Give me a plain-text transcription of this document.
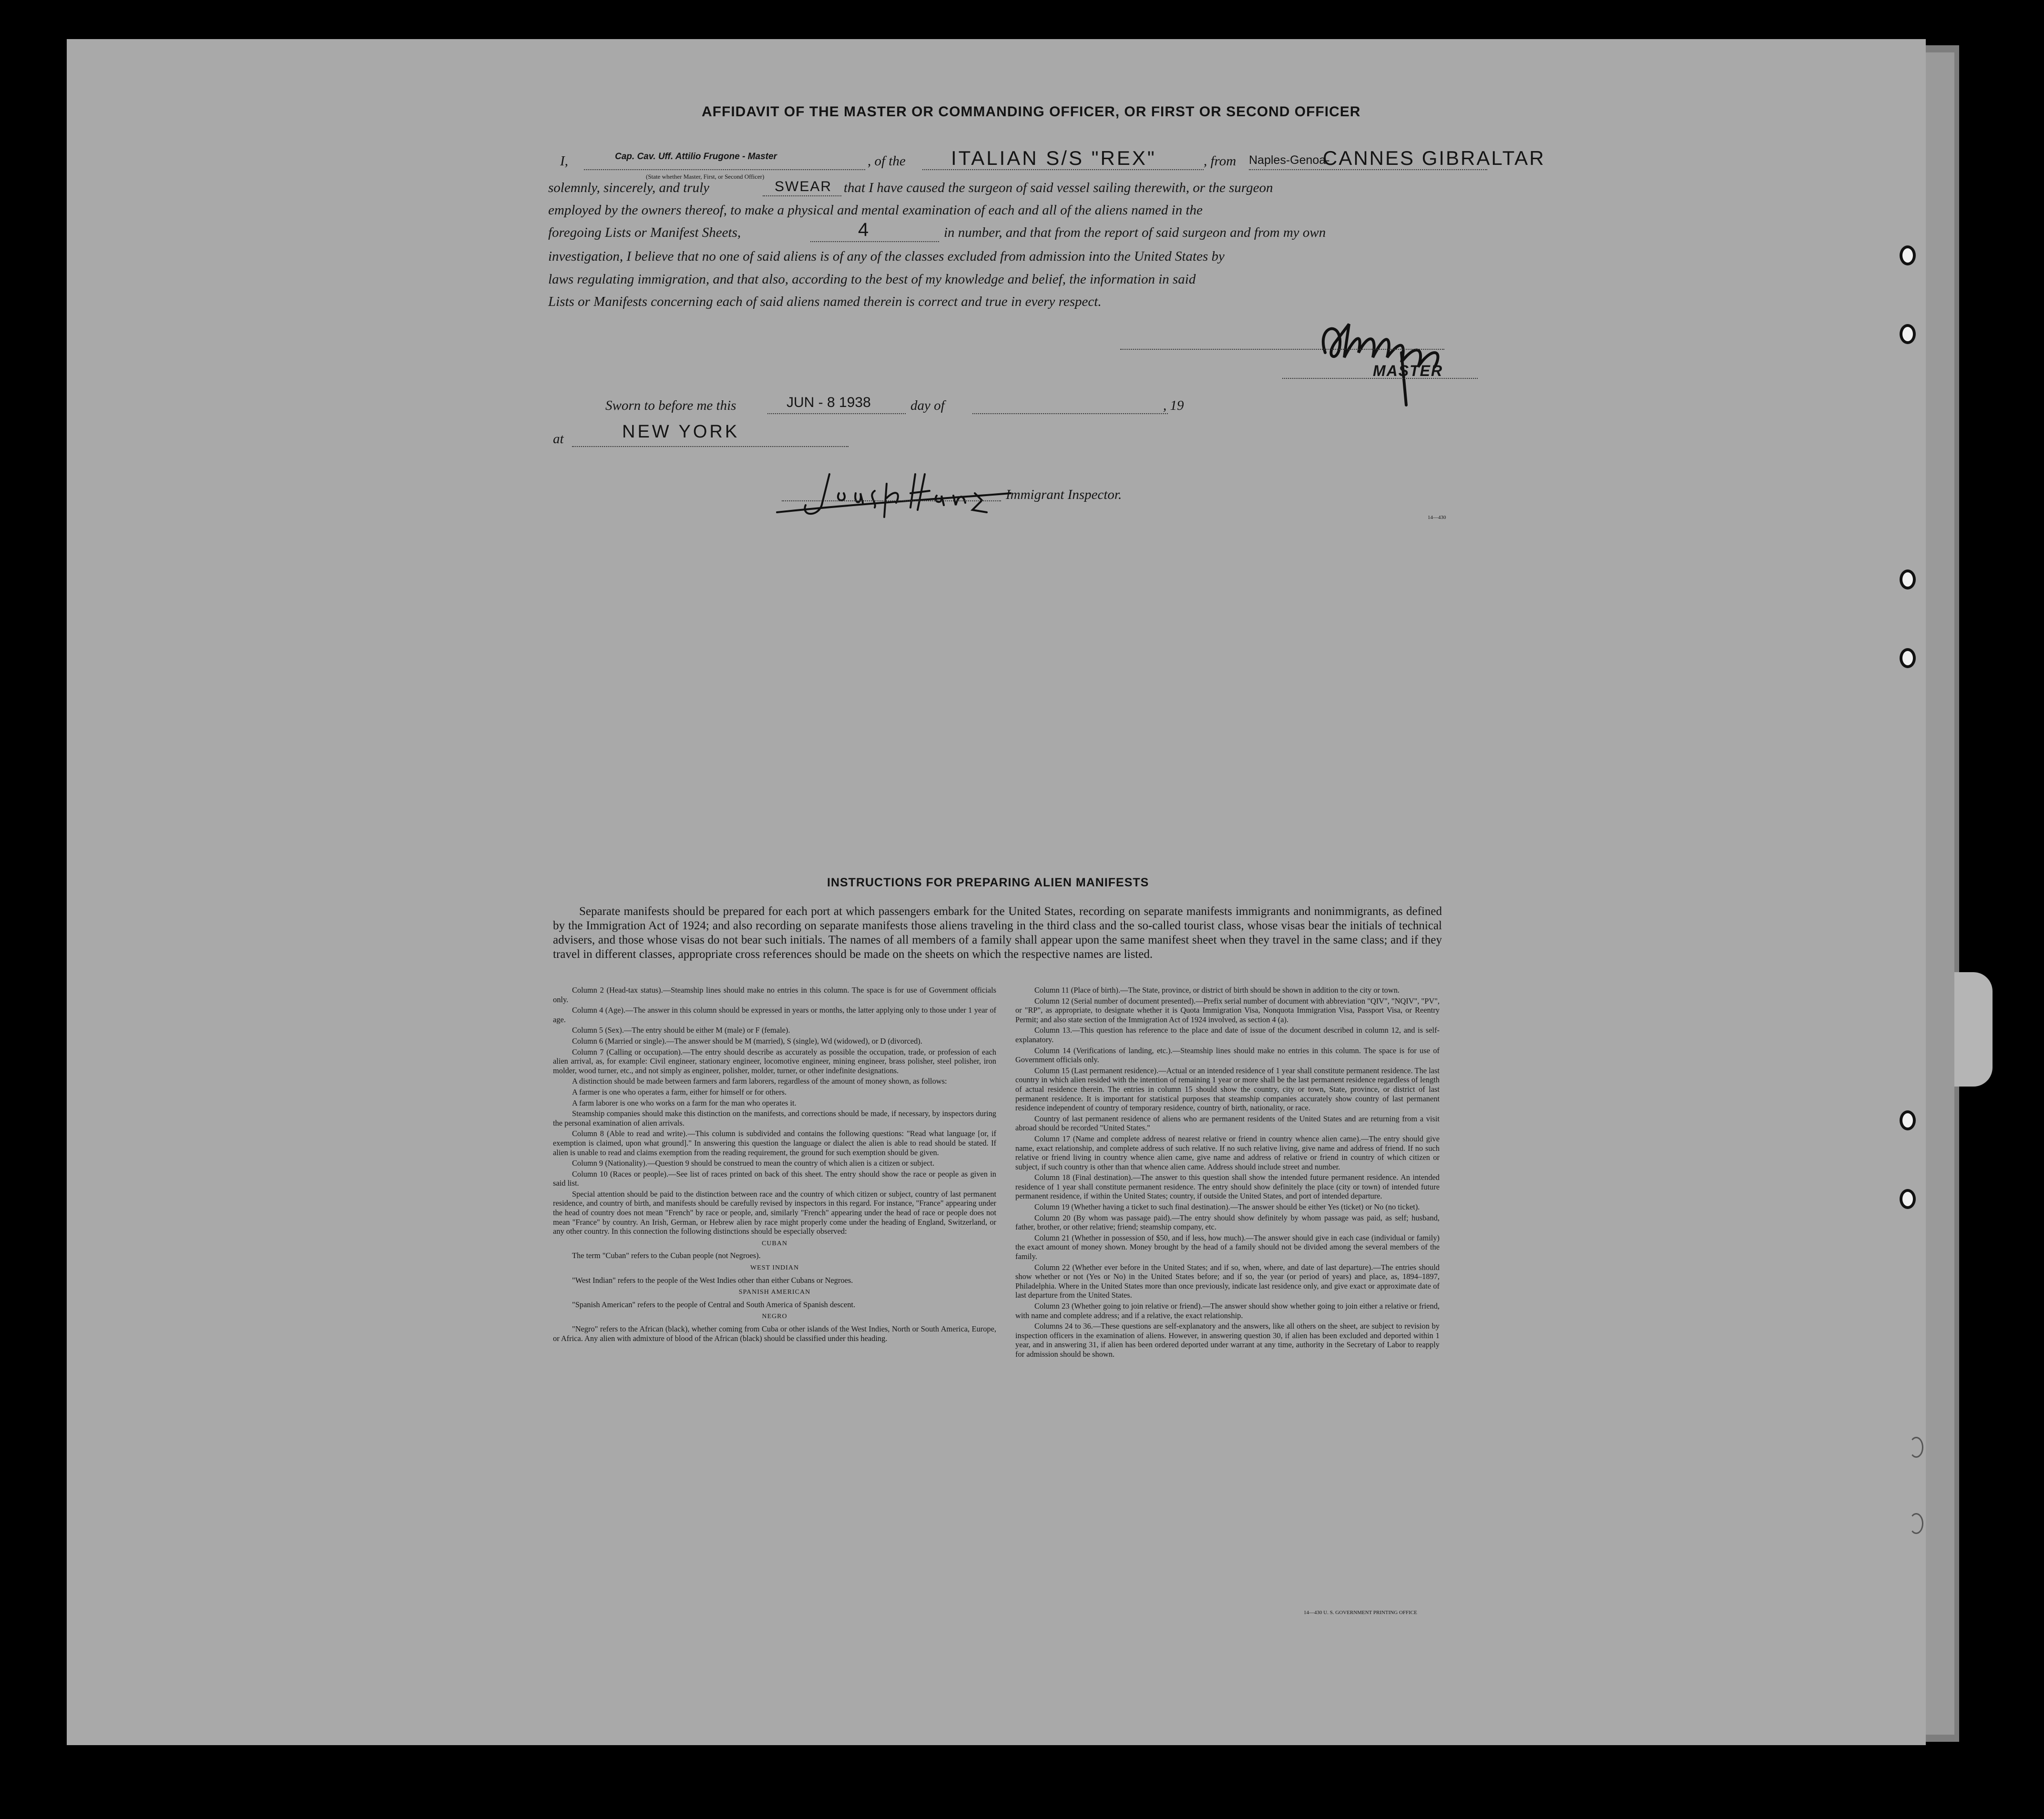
AFFIDAVIT OF THE MASTER OR COMMANDING OFFICER, OR FIRST OR SECOND OFFICER
I,	Cap. Cav. Uff. Attilio Frugone - Master
(State whether Master, First, or Second Officer)
, of the ITALIAN S/S "REX"	, from Naples-Genoa-
CANNES GIBRALTAR
solemnly, sincerely, and truly	SWEAR that I have caused the surgeon of said vessel sailing therewith, or the surgeon
employed by the owners thereof, to make a physical and mental examination of each and all of the aliens named in the
foregoing Lists or Manifest Sheets,	4	in number, and that from the report of said surgeon and from my own
investigation, I believe that no one of said aliens is of any of the classes excluded from admission into the United States by
laws regulating immigration, and that also, according to the best of my knowledge and belief, the information in said
Lists or Manifests concerning each of said aliens named therein is correct and true in every respect.
MASTER
Sworn to before me this	JUN - 8 1938	day of	, 19
at	NEW YORK
Immigrant Inspector.
14—430
INSTRUCTIONS FOR PREPARING ALIEN MANIFESTS
Separate manifests should be prepared for each port at which passengers embark for the United States, recording on separate manifests immigrants and nonimmigrants, as defined by the Immigration Act of 1924; and also recording on separate manifests those aliens traveling in the third class and the so-called tourist class, whose visas bear the initials of technical advisers, and those whose visas do not bear such initials. The names of all members of a family shall appear upon the same manifest sheet when they travel in the same class; and if they travel in different classes, appropriate cross references should be made on the sheets on which the respective names are listed.

Column 2 (Head-tax status).—Steamship lines should make no entries in this column. The space is for use of Government officials only.

Column 4 (Age).—The answer in this column should be expressed in years or months, the latter applying only to those under 1 year of age.

Column 5 (Sex).—The entry should be either M (male) or F (female).

Column 6 (Married or single).—The answer should be M (married), S (single), Wd (widowed), or D (divorced).

Column 7 (Calling or occupation).—The entry should describe as accurately as possible the occupation, trade, or profession of each alien arrival, as, for example: Civil engineer, stationary engineer, locomotive engineer, mining engineer, brass polisher, steel polisher, iron molder, wood turner, etc., and not simply as engineer, polisher, molder, turner, or other indefinite designations.

A distinction should be made between farmers and farm laborers, regardless of the amount of money shown, as follows:

A farmer is one who operates a farm, either for himself or for others.

A farm laborer is one who works on a farm for the man who operates it.

Steamship companies should make this distinction on the manifests, and corrections should be made, if necessary, by inspectors during the personal examination of alien arrivals.

Column 8 (Able to read and write).—This column is subdivided and contains the following questions: "Read what language [or, if exemption is claimed, upon what ground]." In answering this question the language or dialect the alien is able to read should be stated. If alien is unable to read and claims exemption from the reading requirement, the ground for such exemption should be given.

Column 9 (Nationality).—Question 9 should be construed to mean the country of which alien is a citizen or subject.

Column 10 (Races or people).—See list of races printed on back of this sheet. The entry should show the race or people as given in said list.

Special attention should be paid to the distinction between race and the country of which citizen or subject, country of last permanent residence, and country of birth, and manifests should be carefully revised by inspectors in this regard. For instance, "France" appearing under the head of country does not mean "French" by race or people, and, similarly "French" appearing under the head of race or people does not mean "France" by country. An Irish, German, or Hebrew alien by race might properly come under the heading of England, Switzerland, or any other country. In this connection the following distinctions should be especially observed:

CUBAN

The term "Cuban" refers to the Cuban people (not Negroes).

WEST INDIAN

"West Indian" refers to the people of the West Indies other than either Cubans or Negroes.

SPANISH AMERICAN

"Spanish American" refers to the people of Central and South America of Spanish descent.

NEGRO

"Negro" refers to the African (black), whether coming from Cuba or other islands of the West Indies, North or South America, Europe, or Africa. Any alien with admixture of blood of the African (black) should be classified under this heading.

Column 11 (Place of birth).—The State, province, or district of birth should be shown in addition to the city or town.

Column 12 (Serial number of document presented).—Prefix serial number of document with abbreviation "QIV", "NQIV", "PV", or "RP", as appropriate, to designate whether it is Quota Immigration Visa, Nonquota Immigration Visa, Passport Visa, or Reentry Permit; and also state section of the Immigration Act of 1924 involved, as section 4 (a).

Column 13.—This question has reference to the place and date of issue of the document described in column 12, and is self-explanatory.

Column 14 (Verifications of landing, etc.).—Steamship lines should make no entries in this column. The space is for use of Government officials only.

Column 15 (Last permanent residence).—Actual or an intended residence of 1 year shall constitute permanent residence. The last country in which alien resided with the intention of remaining 1 year or more shall be the last permanent residence regardless of length of actual residence therein. The entries in column 15 should show the country, city or town, State, province, or district of last permanent residence. It is important for statistical purposes that steamship companies accurately show country of last permanent residence independent of country of temporary residence, country of birth, nationality, or race.

Country of last permanent residence of aliens who are permanent residents of the United States and are returning from a visit abroad should be recorded "United States."

Column 17 (Name and complete address of nearest relative or friend in country whence alien came).—The entry should give name, exact relationship, and complete address of such relative. If no such relative living, give name and address of friend. If no such relative or friend living in country whence alien came, give name and address of relative or friend in country of which citizen or subject, if such country is other than that whence alien came. Address should include street and number.

Column 18 (Final destination).—The answer to this question shall show the intended future permanent residence. An intended residence of 1 year shall constitute permanent residence. The entry should show definitely the place (city or town) of intended future permanent residence, if within the United States; country, if outside the United States, and port of intended departure.

Column 19 (Whether having a ticket to such final destination).—The answer should be either Yes (ticket) or No (no ticket).

Column 20 (By whom was passage paid).—The entry should show definitely by whom passage was paid, as self; husband, father, brother, or other relative; friend; steamship company, etc.

Column 21 (Whether in possession of $50, and if less, how much).—The answer should give in each case (individual or family) the exact amount of money shown. Money brought by the head of a family should not be divided among the several members of the family.

Column 22 (Whether ever before in the United States; and if so, when, where, and date of last departure).—The entries should show whether or not (Yes or No) in the United States before; and if so, the year (or period of years) and place, as, 1894–1897, Philadelphia. Where in the United States more than once previously, indicate last residence only, and give exact or approximate date of last departure from the United States.

Column 23 (Whether going to join relative or friend).—The answer should show whether going to join either a relative or friend, with name and complete address; and if a relative, the exact relationship.

Columns 24 to 36.—These questions are self-explanatory and the answers, like all others on the sheet, are subject to revision by inspection officers in the examination of aliens. However, in answering question 30, if alien has been excluded and deported within 1 year, and in answering 31, if alien has been ordered deported under warrant at any time, authority in the Secretary of Labor to reapply for admission should be shown.

14—430 U. S. GOVERNMENT PRINTING OFFICE
